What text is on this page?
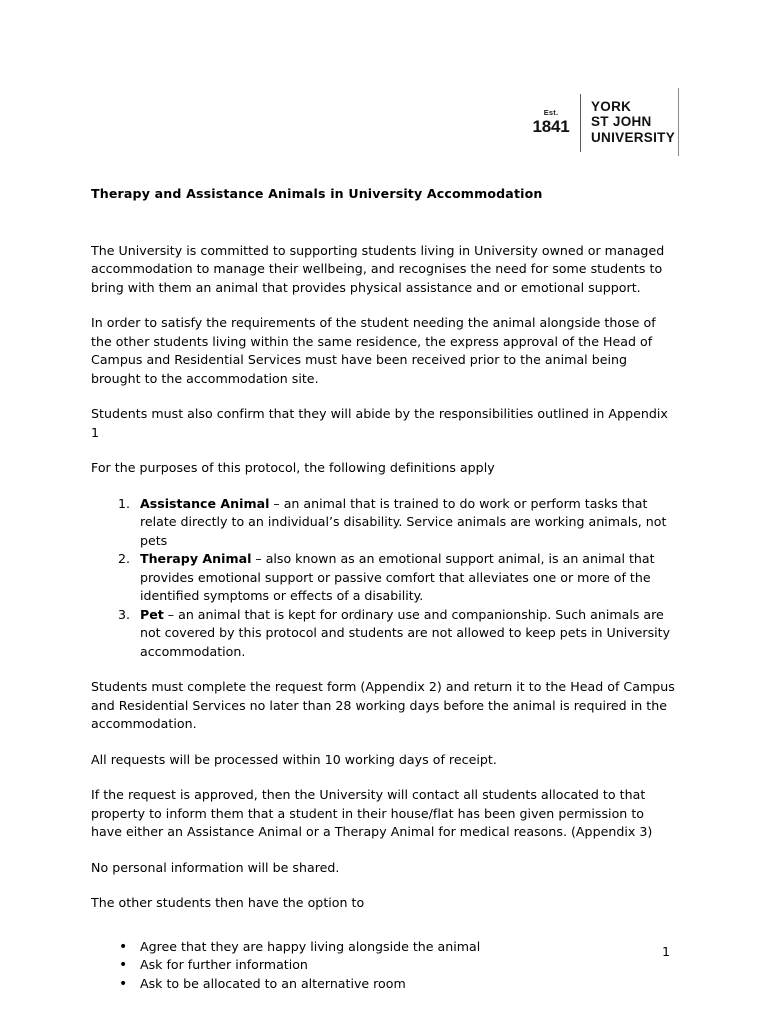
Est.
1841
YORK
ST JOHN
UNIVERSITY
Therapy and Assistance Animals in University Accommodation

The University is committed to supporting students living in University owned or managed accommodation to manage their wellbeing, and recognises the need for some students to bring with them an animal that provides physical assistance and or emotional support.

In order to satisfy the requirements of the student needing the animal alongside those of the other students living within the same residence, the express approval of the Head of Campus and Residential Services must have been received prior to the animal being brought to the accommodation site.

Students must also confirm that they will abide by the responsibilities outlined in Appendix 1

For the purposes of this protocol, the following definitions apply

Assistance Animal – an animal that is trained to do work or perform tasks that relate directly to an individual’s disability. Service animals are working animals, not pets
Therapy Animal – also known as an emotional support animal, is an animal that provides emotional support or passive comfort that alleviates one or more of the identified symptoms or effects of a disability.
Pet – an animal that is kept for ordinary use and companionship. Such animals are not covered by this protocol and students are not allowed to keep pets in University accommodation.

Students must complete the request form (Appendix 2) and return it to the Head of Campus and Residential Services no later than 28 working days before the animal is required in the accommodation.

All requests will be processed within 10 working days of receipt.

If the request is approved, then the University will contact all students allocated to that property to inform them that a student in their house/flat has been given permission to have either an Assistance Animal or a Therapy Animal for medical reasons. (Appendix 3)

No personal information will be shared.

The other students then have the option to

• Agree that they are happy living alongside the animal
• Ask for further information
• Ask to be allocated to an alternative room
1
